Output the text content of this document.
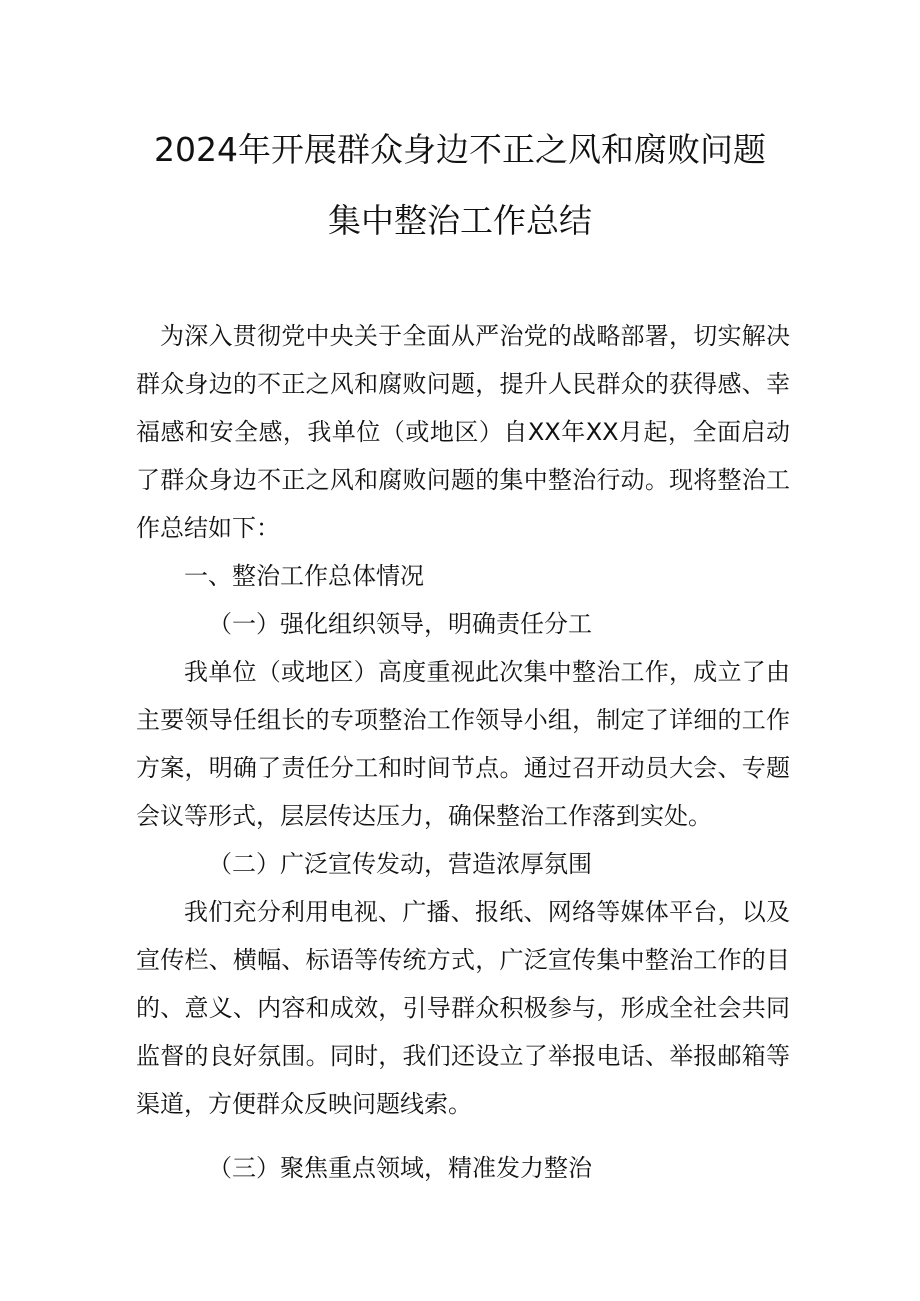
2024年开展群众身边不正之风和腐败问题
集中整治工作总结

为深入贯彻党中央关于全面从严治党的战略部署，切实解决群众身边的不正之风和腐败问题，提升人民群众的获得感、幸福感和安全感，我单位（或地区）自XX年XX月起，全面启动了群众身边不正之风和腐败问题的集中整治行动。现将整治工作总结如下：

一、整治工作总体情况

（一）强化组织领导，明确责任分工

我单位（或地区）高度重视此次集中整治工作，成立了由主要领导任组长的专项整治工作领导小组，制定了详细的工作方案，明确了责任分工和时间节点。通过召开动员大会、专题会议等形式，层层传达压力，确保整治工作落到实处。

（二）广泛宣传发动，营造浓厚氛围

我们充分利用电视、广播、报纸、网络等媒体平台，以及宣传栏、横幅、标语等传统方式，广泛宣传集中整治工作的目的、意义、内容和成效，引导群众积极参与，形成全社会共同监督的良好氛围。同时，我们还设立了举报电话、举报邮箱等渠道，方便群众反映问题线索。

（三）聚焦重点领域，精准发力整治
